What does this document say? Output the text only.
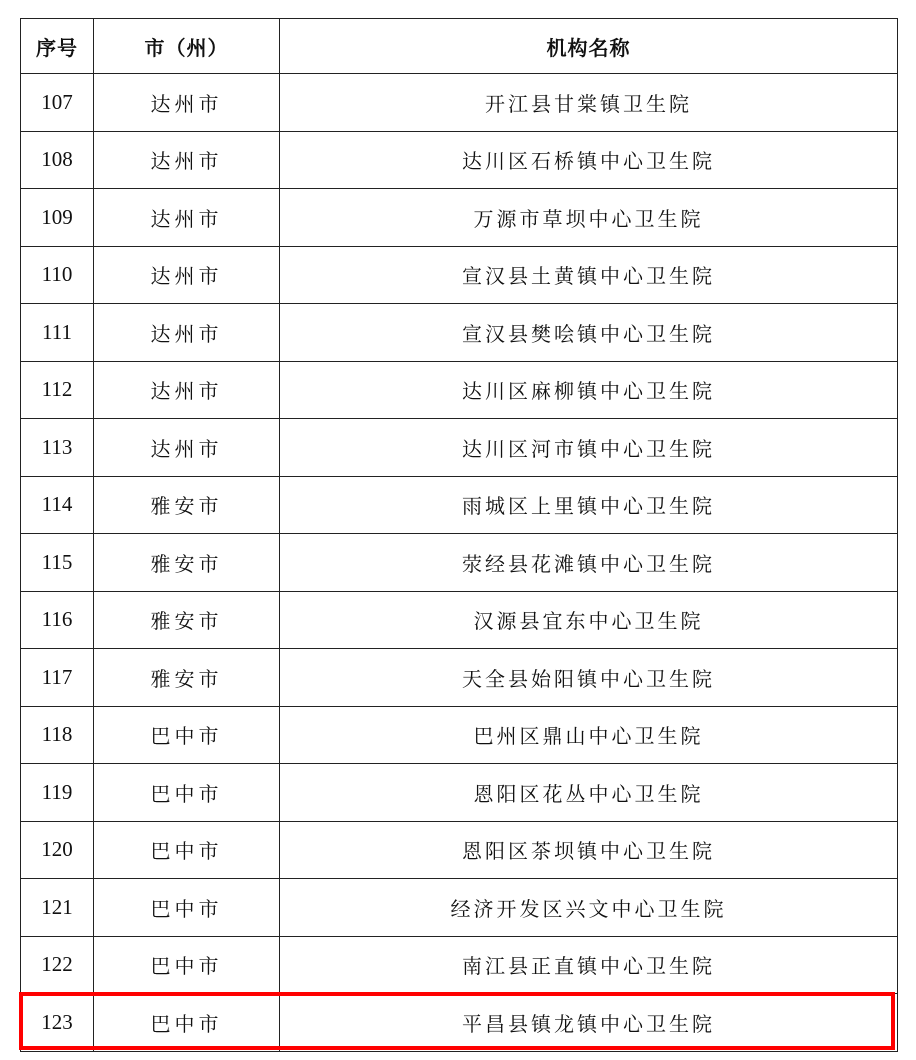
序号	市（州）	机构名称
107	达州市	开江县甘棠镇卫生院
108	达州市	达川区石桥镇中心卫生院
109	达州市	万源市草坝中心卫生院
110	达州市	宣汉县土黄镇中心卫生院
111	达州市	宣汉县樊哙镇中心卫生院
112	达州市	达川区麻柳镇中心卫生院
113	达州市	达川区河市镇中心卫生院
114	雅安市	雨城区上里镇中心卫生院
115	雅安市	荥经县花滩镇中心卫生院
116	雅安市	汉源县宜东中心卫生院
117	雅安市	天全县始阳镇中心卫生院
118	巴中市	巴州区鼎山中心卫生院
119	巴中市	恩阳区花丛中心卫生院
120	巴中市	恩阳区茶坝镇中心卫生院
121	巴中市	经济开发区兴文中心卫生院
122	巴中市	南江县正直镇中心卫生院
123	巴中市	平昌县镇龙镇中心卫生院
